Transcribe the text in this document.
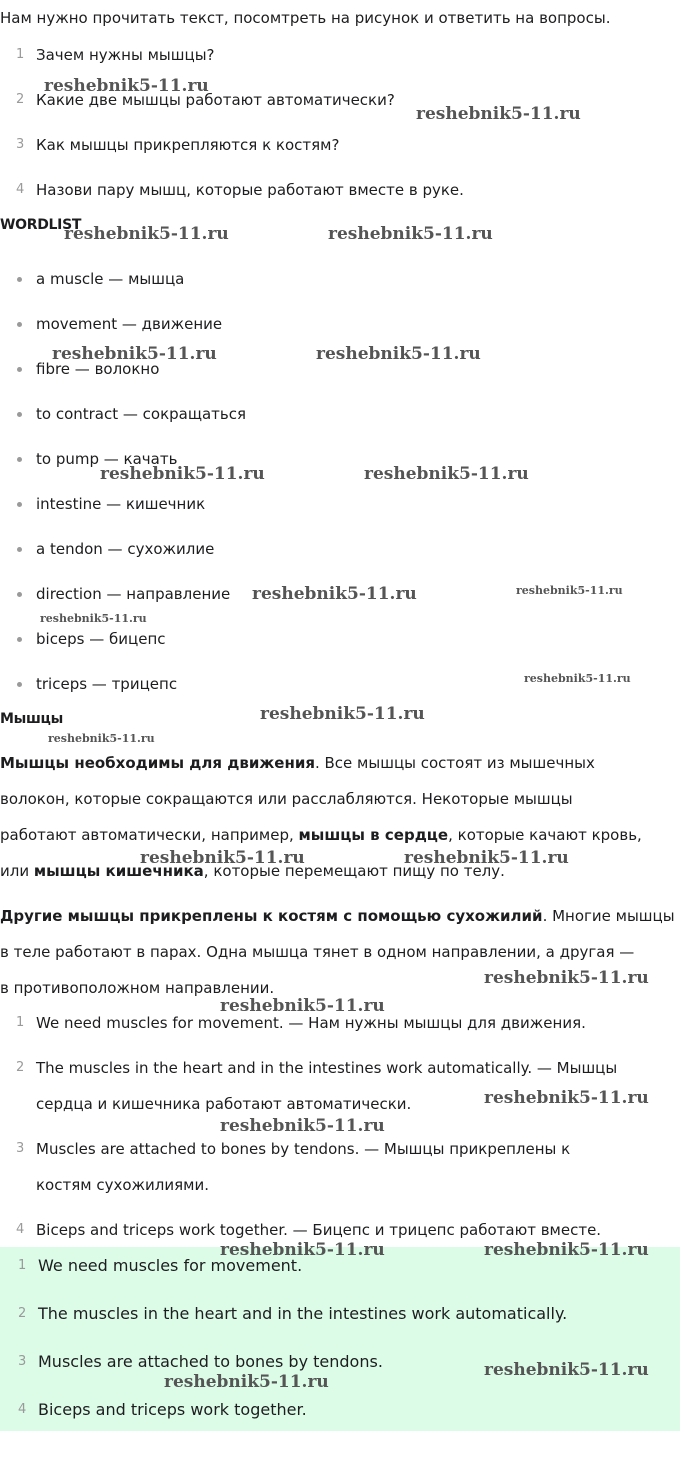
Нам нужно прочитать текст, посомтреть на рисунок и ответить на вопросы.
1 Зачем нужны мышцы?
2 Какие две мышцы работают автоматически?
3 Как мышцы прикрепляются к костям?
4 Назови пару мышц, которые работают вместе в руке.
WORDLIST
a muscle — мышца
movement — движение
fibre — волокно
to contract — сокращаться
to pump — качать
intestine — кишечник
a tendon — сухожилие
direction — направление
biceps — бицепс
triceps — трицепс
Мышцы
Мышцы необходимы для движения. Все мышцы состоят из мышечных
волокон, которые сокращаются или расслабляются. Некоторые мышцы
работают автоматически, например, мышцы в сердце, которые качают кровь,
или мышцы кишечника, которые перемещают пищу по телу.
Другие мышцы прикреплены к костям с помощью сухожилий. Многие мышцы
в теле работают в парах. Одна мышца тянет в одном направлении, а другая —
в противоположном направлении.
1 We need muscles for movement. — Нам нужны мышцы для движения.
2 The muscles in the heart and in the intestines work automatically. — Мышцы
сердца и кишечника работают автоматически.
3 Muscles are attached to bones by tendons. — Мышцы прикреплены к
костям сухожилиями.
4 Biceps and triceps work together. — Бицепс и трицепс работают вместе.
1 We need muscles for movement.
2 The muscles in the heart and in the intestines work automatically.
3 Muscles are attached to bones by tendons.
4 Biceps and triceps work together.
reshebnik5-11.ru
reshebnik5-11.ru
reshebnik5-11.ru	reshebnik5-11.ru
reshebnik5-11.ru	reshebnik5-11.ru
reshebnik5-11.ru	reshebnik5-11.ru
reshebnik5-11.ru	reshebnik5-11.ru
reshebnik5-11.ru
reshebnik5-11.ru
reshebnik5-11.ru
reshebnik5-11.ru
reshebnik5-11.ru	reshebnik5-11.ru
reshebnik5-11.ru
reshebnik5-11.ru
reshebnik5-11.ru
reshebnik5-11.ru
reshebnik5-11.ru	reshebnik5-11.ru
reshebnik5-11.ru
reshebnik5-11.ru
